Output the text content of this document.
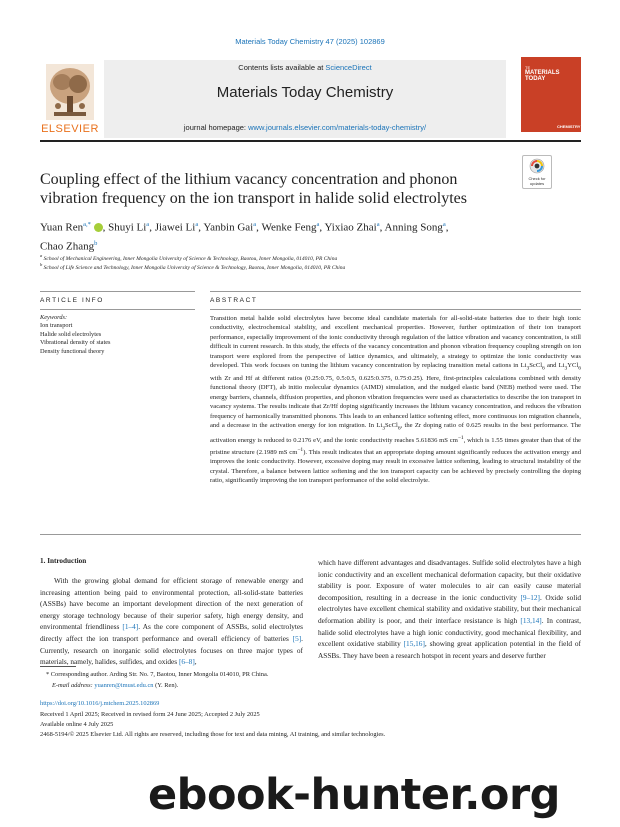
Materials Today Chemistry 47 (2025) 102869
Contents lists available at ScienceDirect
Materials Today Chemistry
journal homepage: www.journals.elsevier.com/materials-today-chemistry/
ELSEVIER
TE
MATERIALS TODAY
CHEMISTRY
Coupling effect of the lithium vacancy concentration and phonon vibration frequency on the ion transport in halide solid electrolytes
Check for updates
Yuan Ren$^{a,*}$ , Shuyi Li$^a$, Jiawei Li$^a$, Yanbin Gai$^a$, Wenke Feng$^a$, Yixiao Zhai$^a$, Anning Song$^a$,
Chao Zhang$^b$
$^a$ School of Mechanical Engineering, Inner Mongolia University of Science & Technology, Baotou, Inner Mongolia, 014010, PR China
$^b$ School of Life Science and Technology, Inner Mongolia University of Science & Technology, Baotou, Inner Mongolia, 014010, PR China
ARTICLE INFO	ABSTRACT
Keywords:
Ion transport
Halide solid electrolytes
Vibrational density of states
Density functional theory
Transition metal halide solid electrolytes have become ideal candidate materials for all-solid-state batteries due to their high ionic conductivity, electrochemical stability, and excellent mechanical properties. However, further optimization of their ion transport performance, especially improvement of the ionic conductivity through regulation of the lattice vibration and vacancy concentration, is still difficult in current research. In this study, the effects of the vacancy concentration and phonon vibration frequency coupling strength on ion transport were explored from the perspective of lattice dynamics, and ultimately, a strategy to optimize the ionic conductivity was developed. This work focuses on tuning the lithium vacancy concentration by replacing transition metal cations in $Li_3ScCl_6$ and $Li_3YCl_6$ with Zr and Hf at different ratios (0.25:0.75, 0.5:0.5, 0.625:0.375, 0.75:0.25). Here, first-principles calculations combined with density functional theory (DFT), ab initio molecular dynamics (AIMD) simulation, and the nudged elastic band (NEB) method were used. The energy barriers, channels, diffusion properties, and phonon vibration frequencies were used as characteristics to describe the ion transport in vacancy systems. The results indicate that Zr/Hf doping significantly increases the lithium vacancy concentration, and reduces the vibration frequency of harmonically transmitted phonons. This leads to an enhanced lattice softening effect, more continuous ion migration channels, and a decrease in the activation energy for ion migration. In $Li_3ScCl_6$, the Zr doping ratio of 0.625 results in the best performance. The activation energy is reduced to 0.2176 eV, and the ionic conductivity reaches 5.61836 mS $cm^{-1}$, which is 1.55 times greater than that of the pristine structure (2.1989 mS $cm^{-1}$). This result indicates that an appropriate doping amount significantly reduces the activation energy and improves the ionic conductivity. However, excessive doping may result in excessive lattice softening, leading to structural instability of the crystal. Therefore, a balance between lattice softening and the ion transport capacity can be achieved by precisely controlling the doping ratio, significantly improving the ion transport performance of the solid electrolyte.
1. Introduction
With the growing global demand for efficient storage of renewable energy and increasing attention being paid to environmental protection, all-solid-state batteries (ASSBs) have become an important development direction of the next generation of energy storage technology because of their superior safety, high energy density, and environmental friendliness [1–4]. As the core component of ASSBs, solid electrolytes directly affect the ion transport performance and overall efficiency of batteries [5]. Currently, research on inorganic solid electrolytes focuses on three major types of materials, namely, halides, sulfides, and oxides [6–8],
which have different advantages and disadvantages. Sulfide solid electrolytes have a high ionic conductivity and an excellent mechanical deformation capacity, but their oxidative stability is poor. Exposure of water molecules to air can easily cause material decomposition, resulting in a decrease in the ionic conductivity [9–12]. Oxide solid electrolytes have excellent chemical stability and oxidative stability, but their mechanical deformation ability is poor, and their interface resistance is high [13,14]. In contrast, halide solid electrolytes have a high ionic conductivity, good mechanical flexibility, and excellent oxidative stability [15,16], showing great application potential in the field of ASSBs. They have been a research hotspot in recent years and deserve further
* Corresponding author. Arding Str. No. 7, Baotou, Inner Mongolia 014010, PR China.
E-mail address: yuanren@imust.edu.cn (Y. Ren).
https://doi.org/10.1016/j.mtchem.2025.102869
Received 1 April 2025; Received in revised form 24 June 2025; Accepted 2 July 2025
Available online 4 July 2025
2468-5194/© 2025 Elsevier Ltd. All rights are reserved, including those for text and data mining, AI training, and similar technologies.
ebook-hunter.org
